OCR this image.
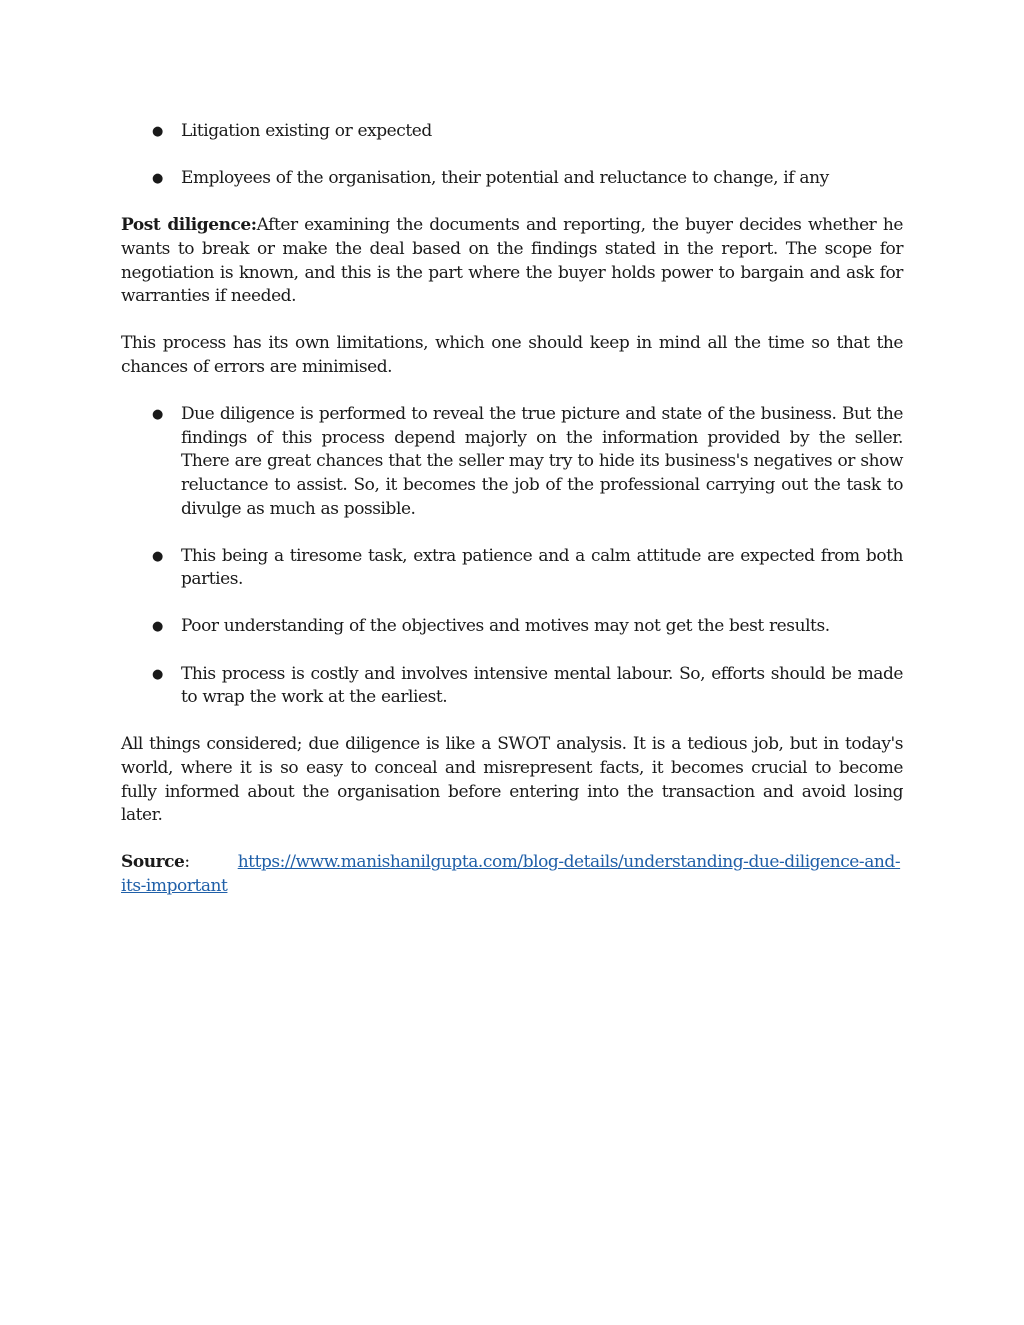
● Litigation existing or expected
● Employees of the organisation, their potential and reluctance to change, if any

Post diligence:After examining the documents and reporting, the buyer decides whether he wants to break or make the deal based on the findings stated in the report. The scope for negotiation is known, and this is the part where the buyer holds power to bargain and ask for warranties if needed.

This process has its own limitations, which one should keep in mind all the time so that the chances of errors are minimised.

● Due diligence is performed to reveal the true picture and state of the business. But the findings of this process depend majorly on the information provided by the seller. There are great chances that the seller may try to hide its business's negatives or show reluctance to assist. So, it becomes the job of the professional carrying out the task to divulge as much as possible.
● This being a tiresome task, extra patience and a calm attitude are expected from both parties.
● Poor understanding of the objectives and motives may not get the best results.
● This process is costly and involves intensive mental labour. So, efforts should be made to wrap the work at the earliest.

All things considered; due diligence is like a SWOT analysis. It is a tedious job, but in today's world, where it is so easy to conceal and misrepresent facts, it becomes crucial to become fully informed about the organisation before entering into the transaction and avoid losing later.

Source:	https://www.manishanilgupta.com/blog-details/understanding-due-diligence-and-its-important
